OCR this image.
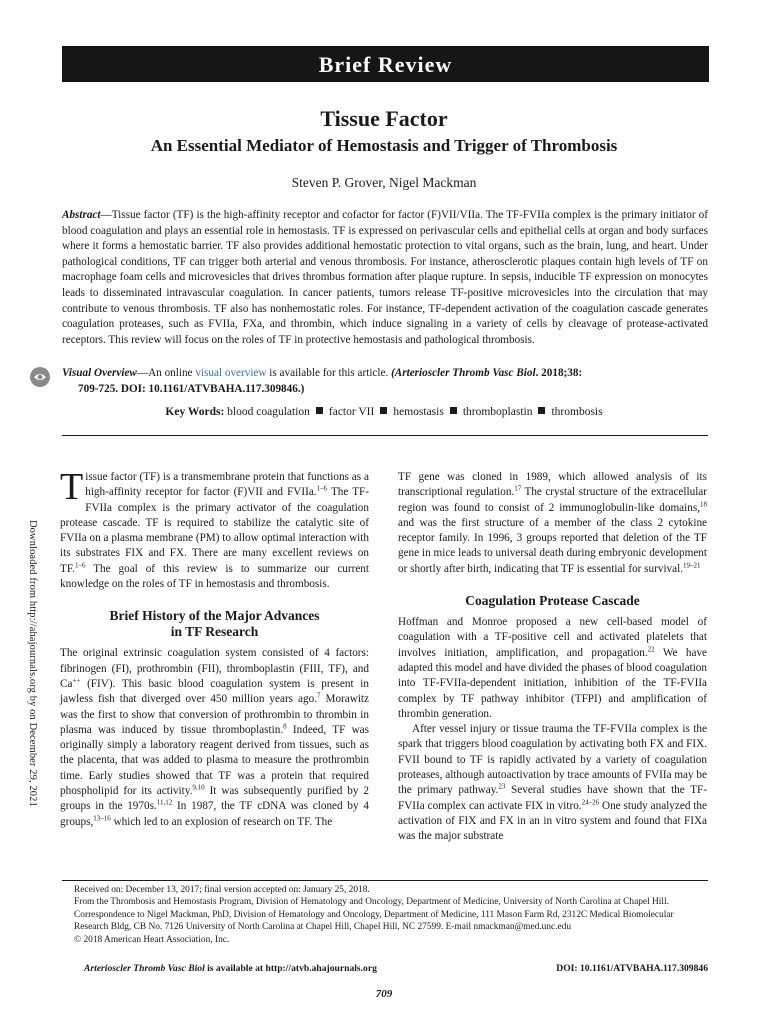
Brief Review
Tissue Factor
An Essential Mediator of Hemostasis and Trigger of Thrombosis
Steven P. Grover, Nigel Mackman
Abstract—Tissue factor (TF) is the high-affinity receptor and cofactor for factor (F)VII/VIIa. The TF-FVIIa complex is the primary initiator of blood coagulation and plays an essential role in hemostasis. TF is expressed on perivascular cells and epithelial cells at organ and body surfaces where it forms a hemostatic barrier. TF also provides additional hemostatic protection to vital organs, such as the brain, lung, and heart. Under pathological conditions, TF can trigger both arterial and venous thrombosis. For instance, atherosclerotic plaques contain high levels of TF on macrophage foam cells and microvesicles that drives thrombus formation after plaque rupture. In sepsis, inducible TF expression on monocytes leads to disseminated intravascular coagulation. In cancer patients, tumors release TF-positive microvesicles into the circulation that may contribute to venous thrombosis. TF also has nonhemostatic roles. For instance, TF-dependent activation of the coagulation cascade generates coagulation proteases, such as FVIIa, FXa, and thrombin, which induce signaling in a variety of cells by cleavage of protease-activated receptors. This review will focus on the roles of TF in protective hemostasis and pathological thrombosis.
Visual Overview—An online visual overview is available for this article. (Arterioscler Thromb Vasc Biol. 2018;38:
709-725. DOI: 10.1161/ATVBAHA.117.309846.)
Key Words: blood coagulation factor VII hemostasis thromboplastin thrombosis
Downloaded from http://ahajournals.org by on December 29, 2021

Tissue factor (TF) is a transmembrane protein that functions as a high-affinity receptor for factor (F)VII and FVIIa.$^{1-6}$ The TF-FVIIa complex is the primary activator of the coagulation protease cascade. TF is required to stabilize the catalytic site of FVIIa on a plasma membrane (PM) to allow optimal interaction with its substrates FIX and FX. There are many excellent reviews on TF.$^{1-6}$ The goal of this review is to summarize our current knowledge on the roles of TF in hemostasis and thrombosis.

Brief History of the Major Advances
in TF Research

The original extrinsic coagulation system consisted of 4 factors: fibrinogen (FI), prothrombin (FII), thromboplastin (FIII, TF), and Ca++ (FIV). This basic blood coagulation system is present in jawless fish that diverged over 450 million years ago.$^7$ Morawitz was the first to show that conversion of prothrombin to thrombin in plasma was induced by tissue thromboplastin.$^8$ Indeed, TF was originally simply a laboratory reagent derived from tissues, such as the placenta, that was added to plasma to measure the prothrombin time. Early studies showed that TF was a protein that required phospholipid for its activity.$^{9,10}$ It was subsequently purified by 2 groups in the 1970s.$^{11,12}$ In 1987, the TF cDNA was cloned by 4 groups,$^{13-16}$ which led to an explosion of research on TF. The

TF gene was cloned in 1989, which allowed analysis of its transcriptional regulation.$^{17}$ The crystal structure of the extracellular region was found to consist of 2 immunoglobulin-like domains,$^{18}$ and was the first structure of a member of the class 2 cytokine receptor family. In 1996, 3 groups reported that deletion of the TF gene in mice leads to universal death during embryonic development or shortly after birth, indicating that TF is essential for survival.$^{19-21}$

Coagulation Protease Cascade

Hoffman and Monroe proposed a new cell-based model of coagulation with a TF-positive cell and activated platelets that involves initiation, amplification, and propagation.$^{22}$ We have adapted this model and have divided the phases of blood coagulation into TF-FVIIa-dependent initiation, inhibition of the TF-FVIIa complex by TF pathway inhibitor (TFPI) and amplification of thrombin generation.

After vessel injury or tissue trauma the TF-FVIIa complex is the spark that triggers blood coagulation by activating both FX and FIX. FVII bound to TF is rapidly activated by a variety of coagulation proteases, although autoactivation by trace amounts of FVIIa may be the primary pathway.$^{23}$ Several studies have shown that the TF-FVIIa complex can activate FIX in vitro.$^{24-26}$ One study analyzed the activation of FIX and FX in an in vitro system and found that FIXa was the major substrate

Received on: December 13, 2017; final version accepted on: January 25, 2018.

From the Thrombosis and Hemostasis Program, Division of Hematology and Oncology, Department of Medicine, University of North Carolina at Chapel Hill.

Correspondence to Nigel Mackman, PhD, Division of Hematology and Oncology, Department of Medicine, 111 Mason Farm Rd, 2312C Medical Biomolecular Research Bldg, CB No. 7126 University of North Carolina at Chapel Hill, Chapel Hill, NC 27599. E-mail nmackman@med.unc.edu

© 2018 American Heart Association, Inc.

Arterioscler Thromb Vasc Biol is available at http://atvb.ahajournals.org	DOI: 10.1161/ATVBAHA.117.309846
709
